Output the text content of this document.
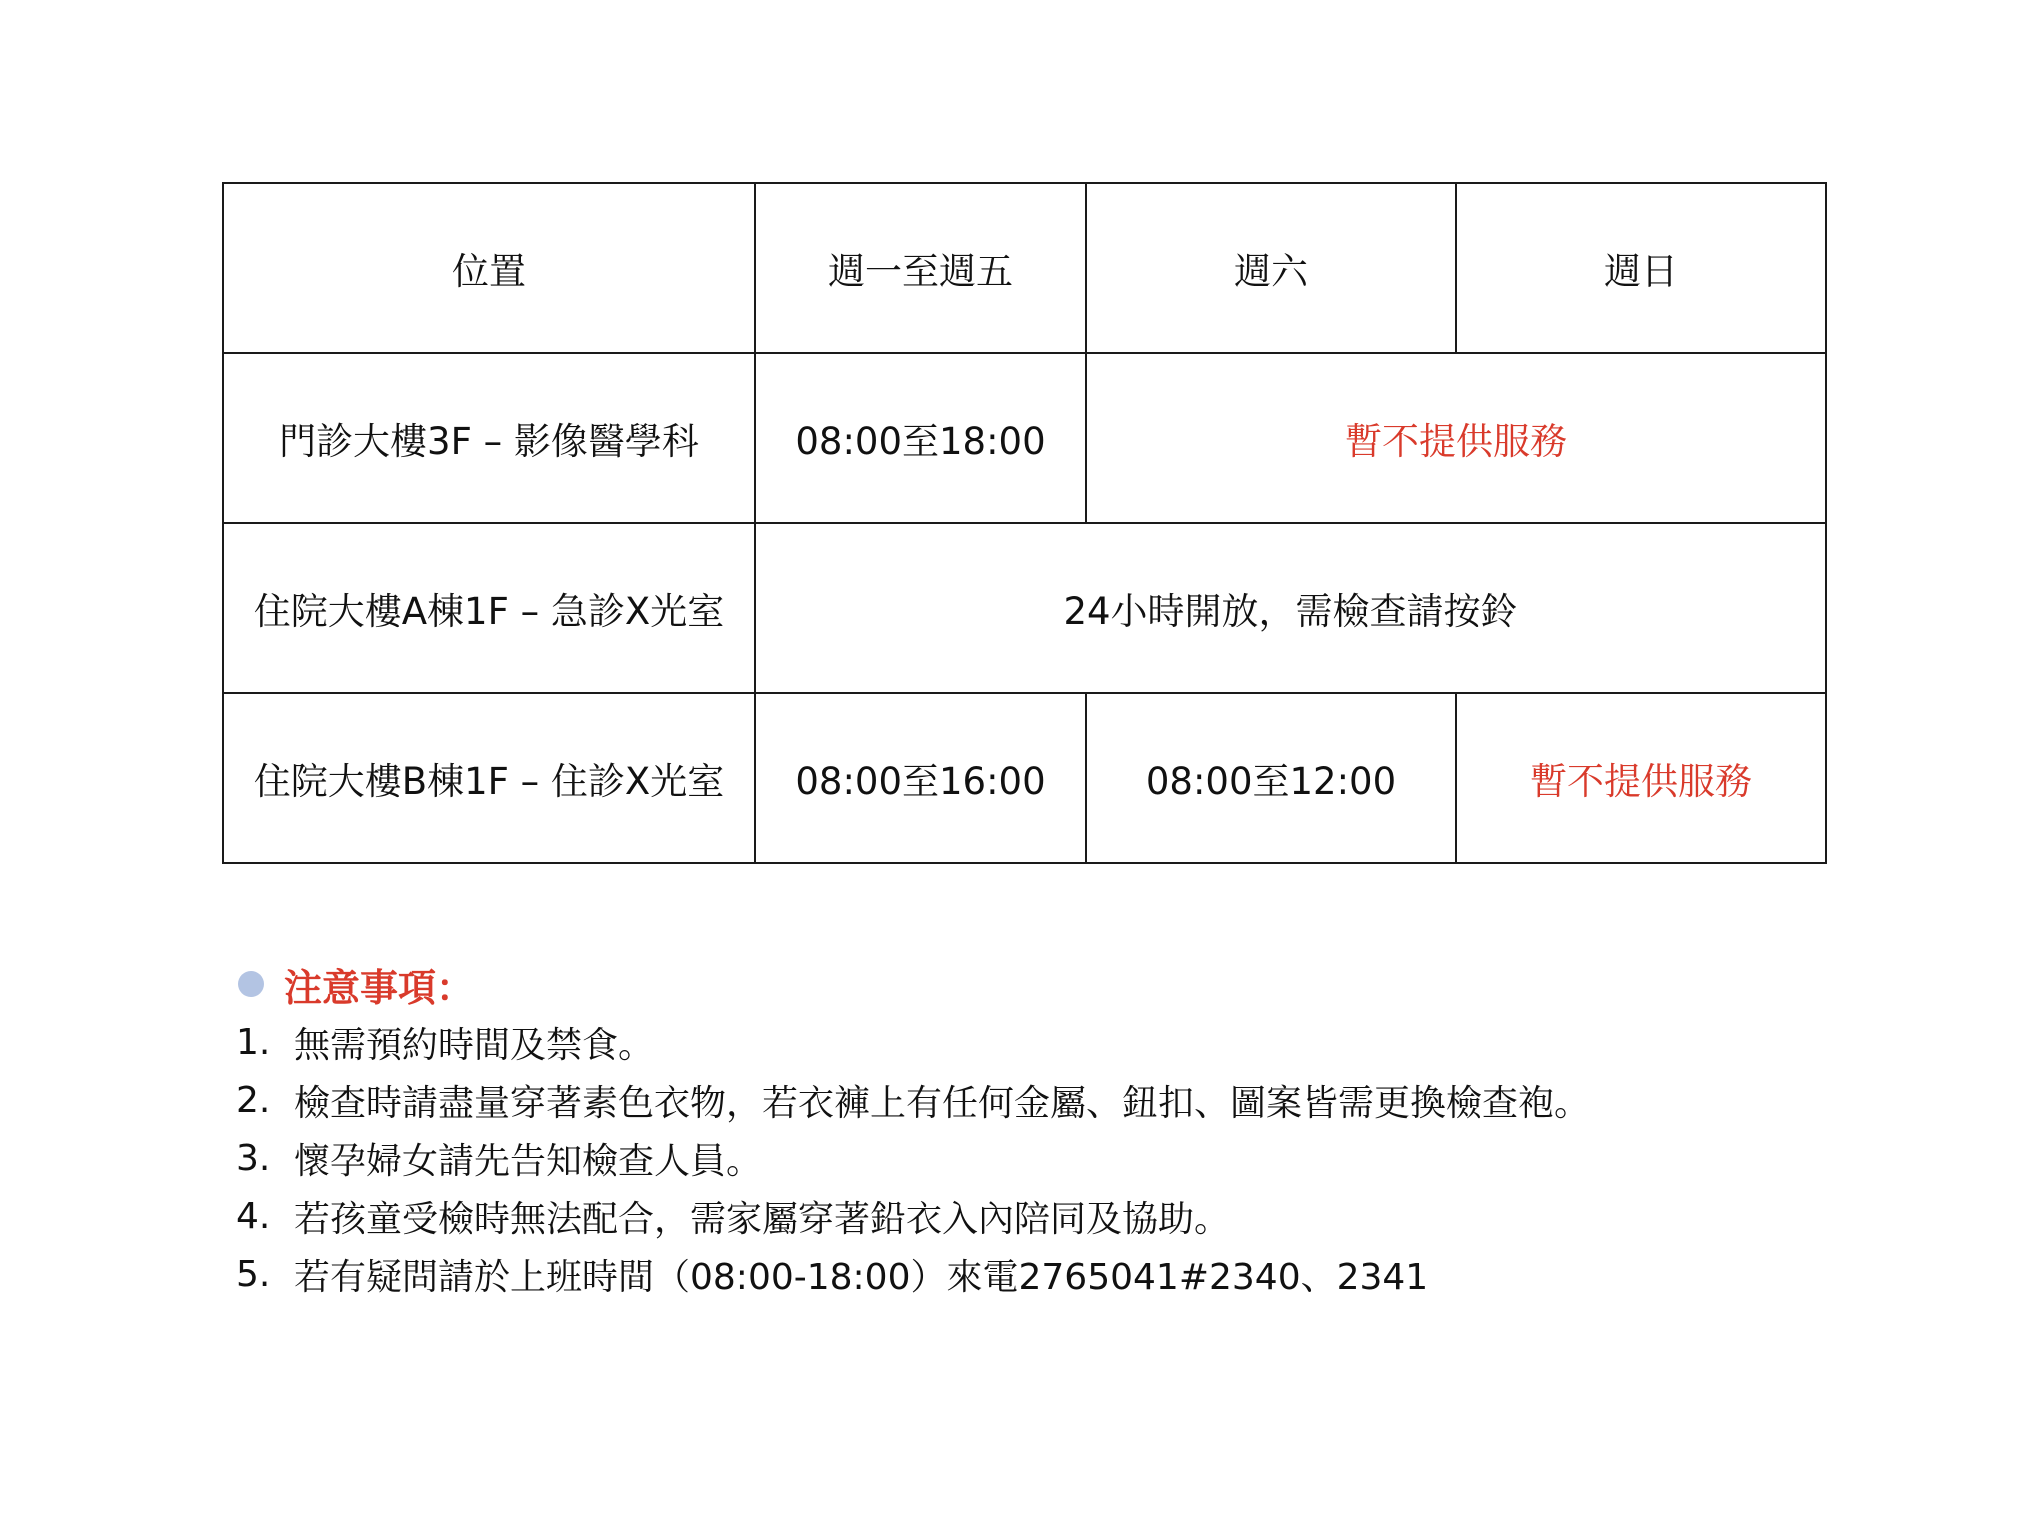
位置	週一至週五	週六	週日
門診大樓3F – 影像醫學科	08:00至18:00	暫不提供服務	
住院大樓A棟1F – 急診X光室	24小時開放，需檢查請按鈴		
住院大樓B棟1F – 住診X光室	08:00至16:00	08:00至12:00	暫不提供服務
注意事項：
1. 無需預約時間及禁食。
2. 檢查時請盡量穿著素色衣物，若衣褲上有任何金屬、鈕扣、圖案皆需更換檢查袍。
3. 懷孕婦女請先告知檢查人員。
4. 若孩童受檢時無法配合，需家屬穿著鉛衣入內陪同及協助。
5. 若有疑問請於上班時間（08:00-18:00）來電2765041#2340、2341
